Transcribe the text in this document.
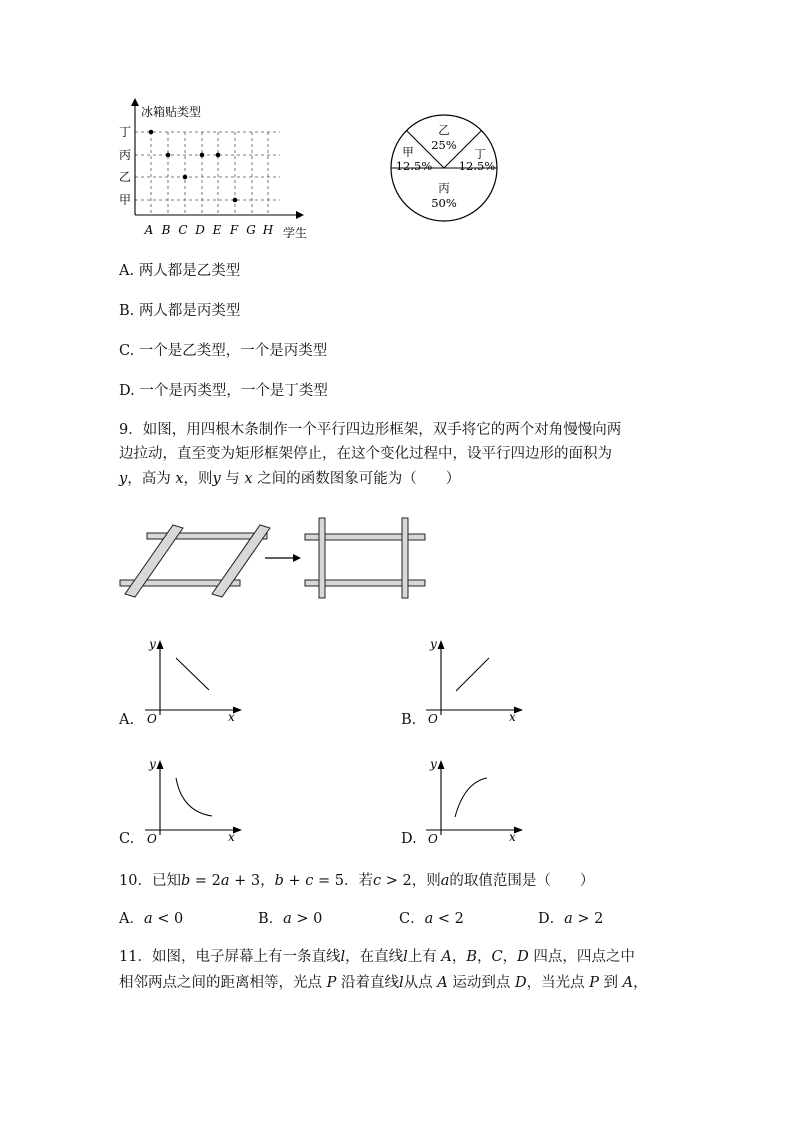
冰箱贴类型
学生
甲
乙
丙
丁
A B C D E F G H
乙
25%
丁
12.5%
甲
12.5%
丙
50%
A. 两人都是乙类型
B. 两人都是丙类型
C. 一个是乙类型，一个是丙类型
D. 一个是丙类型，一个是丁类型
9．如图，用四根木条制作一个平行四边形框架，双手将它的两个对角慢慢向两
边拉动，直至变为矩形框架停止，在这个变化过程中，设平行四边形的面积为
y，高为 x，则y 与 x 之间的函数图象可能为（　　）
A.
y
x
O	B.
y
x
O
C.
y
x
O	D.
y
x
O
10．已知b = 2a + 3，b + c = 5．若c > 2，则a的取值范围是（　　）
A．a < 0	B．a > 0	C．a < 2	D．a > 2
11．如图，电子屏幕上有一条直线l，在直线l上有 A，B，C，D 四点，四点之中
相邻两点之间的距离相等，光点 P 沿着直线l从点 A 运动到点 D，当光点 P 到 A，
